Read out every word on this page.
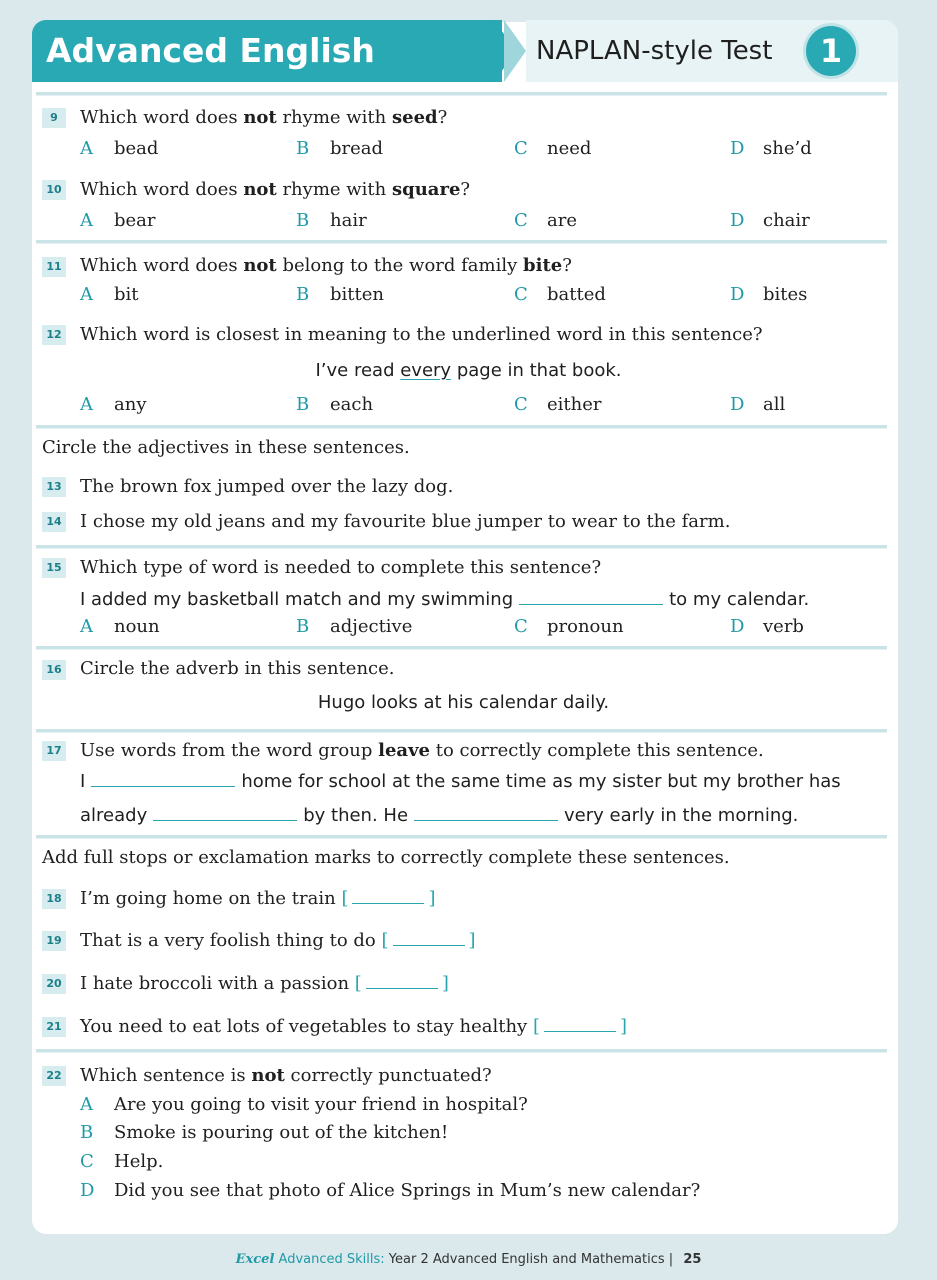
Advanced English	NAPLAN-style Test	1
9	Which word does not rhyme with seed?
A bead	B bread	C need	D she’d
10 Which word does not rhyme with square?
A bear	B hair	C are	D chair
11 Which word does not belong to the word family bite?
A bit	B bitten	C batted	D bites
12 Which word is closest in meaning to the underlined word in this sentence?
I’ve read every page in that book.
A any	B each	C either	D all
Circle the adjectives in these sentences.
13 The brown fox jumped over the lazy dog.
14 I chose my old jeans and my favourite blue jumper to wear to the farm.
15 Which type of word is needed to complete this sentence?
I added my basketball match and my swimming	to my calendar.
A noun	B adjective	C pronoun	D verb
16 Circle the adverb in this sentence.
Hugo looks at his calendar daily.
17 Use words from the word group leave to correctly complete this sentence.
I	home for school at the same time as my sister but my brother has
already	by then. He	very early in the morning.
Add full stops or exclamation marks to correctly complete these sentences.
18 I’m going home on the train [	]
19 That is a very foolish thing to do [	]
20 I hate broccoli with a passion [	]
21 You need to eat lots of vegetables to stay healthy [	]
22 Which sentence is not correctly punctuated?
A Are you going to visit your friend in hospital?
B Smoke is pouring out of the kitchen!
C Help.
D Did you see that photo of Alice Springs in Mum’s new calendar?
Excel Advanced Skills: Year 2 Advanced English and Mathematics | 25
